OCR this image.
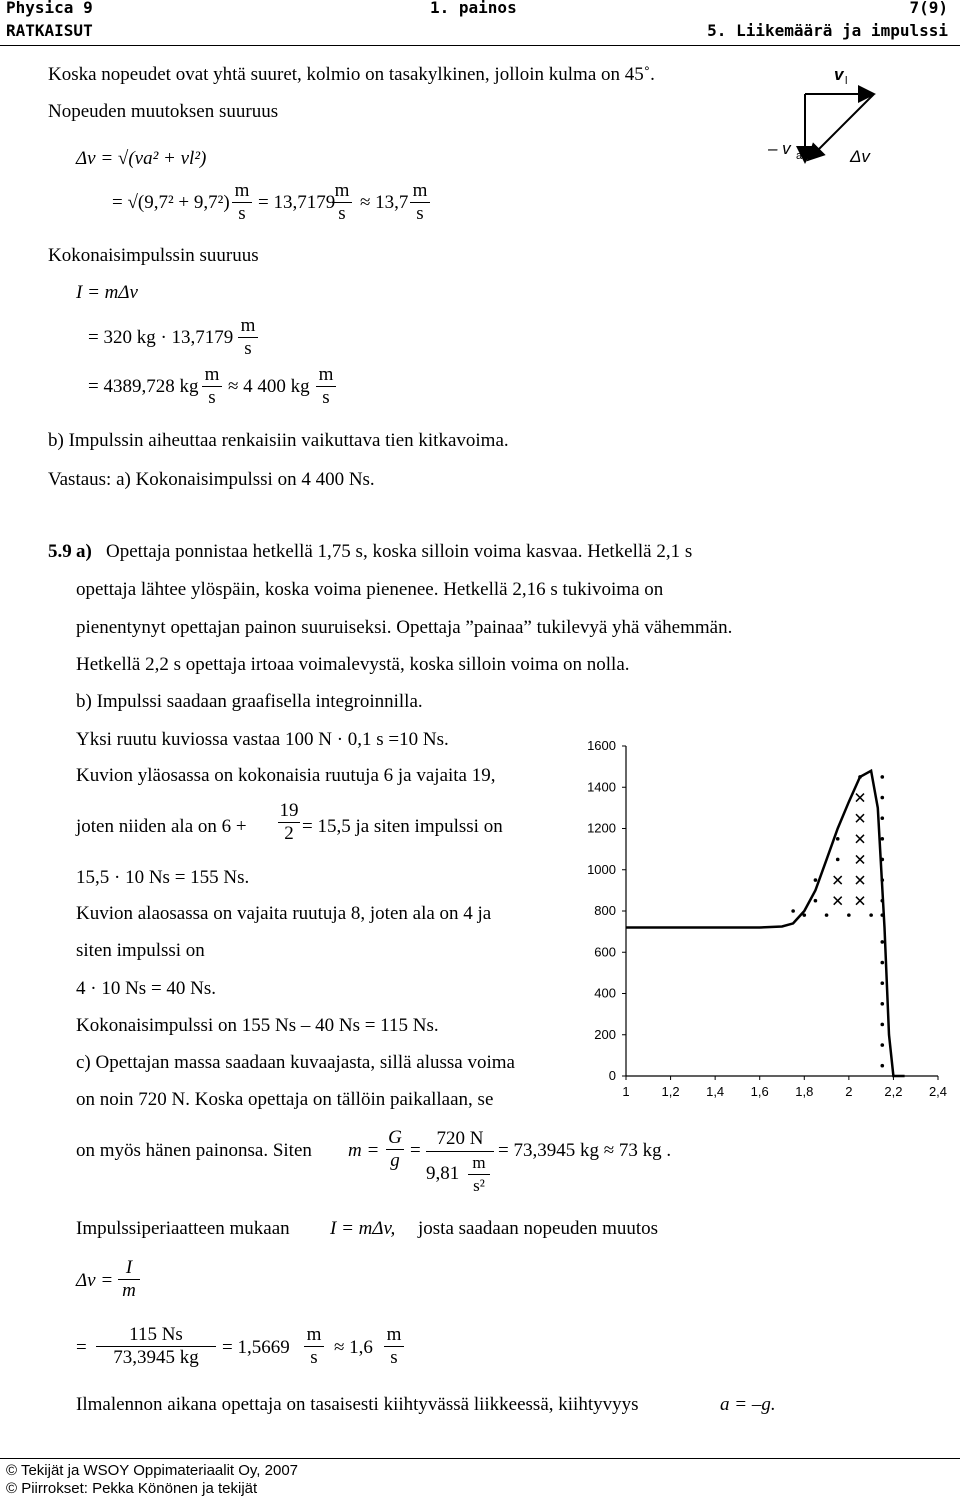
Physica 9
RATKAISUT
1. painos	7(9)
5. Liikemäärä ja impulssi
Koska nopeudet ovat yhtä suuret, kolmio on tasakylkinen, jolloin kulma on 45˚.
Nopeuden muutoksen suuruus
Δv = √(va² + vl²)
= √(9,7² + 9,7²)
m
s
= 13,7179
m
s
≈ 13,7
m
s
Kokonaisimpulssin suuruus
I = mΔv
= 320 kg · 13,7179
m
s
= 4389,728 kg
m
s
≈ 4 400 kg
m
s
b) Impulssin aiheuttaa renkaisiin vaikuttava tien kitkavoima.
Vastaus: a) Kokonaisimpulssi on 4 400 Ns.
v l
– v a	Δv
5.9 a) Opettaja ponnistaa hetkellä 1,75 s, koska silloin voima kasvaa. Hetkellä 2,1 s
opettaja lähtee ylöspäin, koska voima pienenee. Hetkellä 2,16 s tukivoima on
pienentynyt opettajan painon suuruiseksi. Opettaja ”painaa” tukilevyä yhä vähemmän.
Hetkellä 2,2 s opettaja irtoaa voimalevystä, koska silloin voima on nolla.
b) Impulssi saadaan graafisella integroinnilla.
Yksi ruutu kuviossa vastaa 100 N · 0,1 s =10 Ns.
Kuvion yläosassa on kokonaisia ruutuja 6 ja vajaita 19,
joten niiden ala on 6 +
19
2 = 15,5 ja siten impulssi on
15,5 · 10 Ns = 155 Ns.
Kuvion alaosassa on vajaita ruutuja 8, joten ala on 4 ja
siten impulssi on
4 · 10 Ns = 40 Ns.
Kokonaisimpulssi on 155 Ns – 40 Ns = 115 Ns.
c) Opettajan massa saadaan kuvaajasta, sillä alussa voima
on noin 720 N. Koska opettaja on tällöin paikallaan, se
on myös hänen painonsa. Siten m =
G
g =
720 N
9,81
m
s²
= 73,3945 kg ≈ 73 kg .
Impulssiperiaatteen mukaan I = mΔv, josta saadaan nopeuden muutos
Δv =
I
m
=
115 Ns
73,3945 kg	= 1,5669
m
s ≈ 1,6
m
s
Ilmalennon aikana opettaja on tasaisesti kiihtyvässä liikkeessä, kiihtyvyys	a = –g.
0
200
400
600
800
1000
1200
1400
1600
1 1,2 1,4 1,6 1,8 2 2,2 2,4
© Tekijät ja WSOY Oppimateriaalit Oy, 2007
© Piirrokset: Pekka Könönen ja tekijät
